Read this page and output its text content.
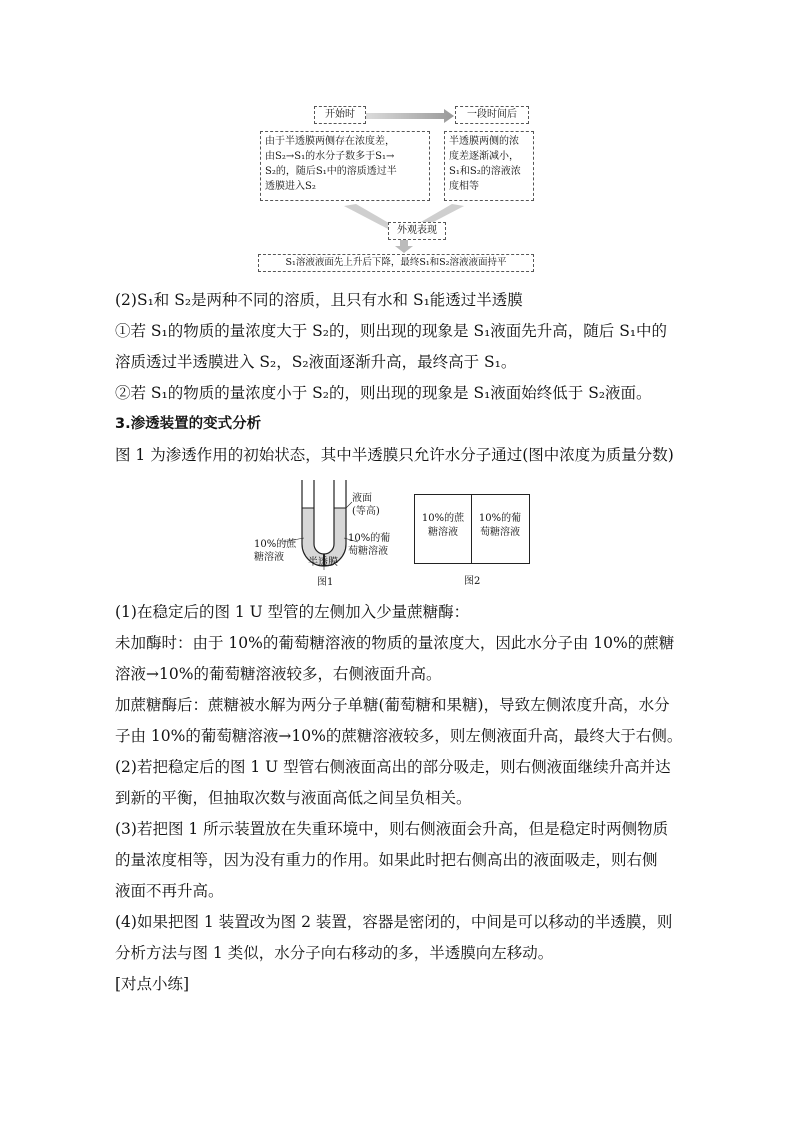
开始时	一段时间后
由于半透膜两侧存在浓度差，
由S₂→S₁的水分子数多于S₁→
S₂的，随后S₁中的溶质透过半
透膜进入S₂
半透膜两侧的浓
度差逐渐减小，
S₁和S₂的溶液浓
度相等
外观表现
S₁溶液液面先上升后下降，最终S₁和S₂溶液液面持平
(2)S₁和 S₂是两种不同的溶质，且只有水和 S₁能透过半透膜
①若 S₁的物质的量浓度大于 S₂的，则出现的现象是 S₁液面先升高，随后 S₁中的
溶质透过半透膜进入 S₂，S₂液面逐渐升高，最终高于 S₁。
②若 S₁的物质的量浓度小于 S₂的，则出现的现象是 S₁液面始终低于 S₂液面。
3.渗透装置的变式分析
图 1 为渗透作用的初始状态，其中半透膜只允许水分子通过(图中浓度为质量分数)
液面
(等高)
10%的蔗
糖溶液
10%的葡
萄糖溶液
半透膜
图1
10%的蔗
糖溶液
10%的葡
萄糖溶液
图2
(1)在稳定后的图 1 U 型管的左侧加入少量蔗糖酶：
未加酶时：由于 10%的葡萄糖溶液的物质的量浓度大，因此水分子由 10%的蔗糖
溶液→10%的葡萄糖溶液较多，右侧液面升高。
加蔗糖酶后：蔗糖被水解为两分子单糖(葡萄糖和果糖)，导致左侧浓度升高，水分
子由 10%的葡萄糖溶液→10%的蔗糖溶液较多，则左侧液面升高，最终大于右侧。
(2)若把稳定后的图 1 U 型管右侧液面高出的部分吸走，则右侧液面继续升高并达
到新的平衡，但抽取次数与液面高低之间呈负相关。
(3)若把图 1 所示装置放在失重环境中，则右侧液面会升高，但是稳定时两侧物质
的量浓度相等，因为没有重力的作用。如果此时把右侧高出的液面吸走，则右侧
液面不再升高。
(4)如果把图 1 装置改为图 2 装置，容器是密闭的，中间是可以移动的半透膜，则
分析方法与图 1 类似，水分子向右移动的多，半透膜向左移动。
[对点小练]
